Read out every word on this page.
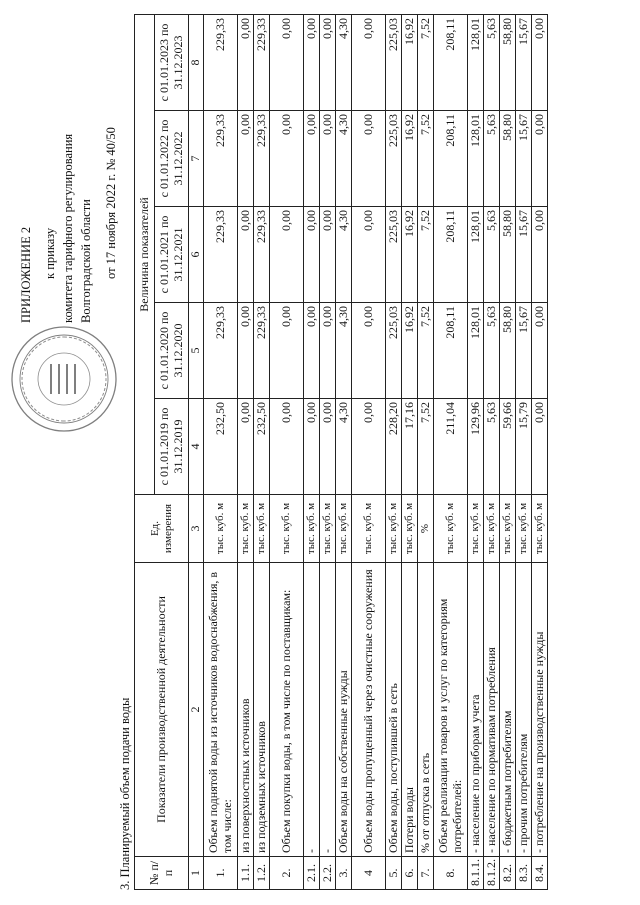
ПРИЛОЖЕНИЕ 2 к приказу комитета тарифного регулирования Волгоградской области от 17 ноября 2022 г. № 40/50
3. Планируемый объем подачи воды № п/п	Показатели производственной деятельности	Ед. измерения	Величина показателей				
			с 01.01.2019 по 31.12.2019	с 01.01.2020 по 31.12.2020	с 01.01.2021 по 31.12.2021	с 01.01.2022 по 31.12.2022	с 01.01.2023 по 31.12.2023
1	2	3	4	5	6	7	8
1.	Объем поднятой воды из источников водоснабжения, в том числе:	тыс. куб. м	232,50	229,33	229,33	229,33	229,33
1.1.	из поверхностных источников	тыс. куб. м	0,00	0,00	0,00	0,00	0,00
1.2.	из подземных источников	тыс. куб. м	232,50	229,33	229,33	229,33	229,33
2.	Объем покупки воды, в том числе по поставщикам:	тыс. куб. м	0,00	0,00	0,00	0,00	0,00
2.1.	-	тыс. куб. м	0,00	0,00	0,00	0,00	0,00
2.2.	-	тыс. куб. м	0,00	0,00	0,00	0,00	0,00
3.	Объем воды на собственные нужды	тыс. куб. м	4,30	4,30	4,30	4,30	4,30
4	Объем воды пропущенный через очистные сооружения	тыс. куб. м	0,00	0,00	0,00	0,00	0,00
5.	Объем воды, поступившей в сеть	тыс. куб. м	228,20	225,03	225,03	225,03	225,03
6.	Потери воды	тыс. куб. м	17,16	16,92	16,92	16,92	16,92
7.	% от отпуска в сеть	%	7,52	7,52	7,52	7,52	7,52
8.	Объем реализации товаров и услуг по категориям потребителей:	тыс. куб. м	211,04	208,11	208,11	208,11	208,11
8.1.1.	- население по приборам учета	тыс. куб. м	129,96	128,01	128,01	128,01	128,01
8.1.2.	- население по нормативам потребления	тыс. куб. м	5,63	5,63	5,63	5,63	5,63
8.2.	- бюджетным потребителям	тыс. куб. м	59,66	58,80	58,80	58,80	58,80
8.3.	- прочим потребителям	тыс. куб. м	15,79	15,67	15,67	15,67	15,67
8.4.	- потребление на производственные нужды	тыс. куб. м	0,00	0,00	0,00	0,00	0,00
